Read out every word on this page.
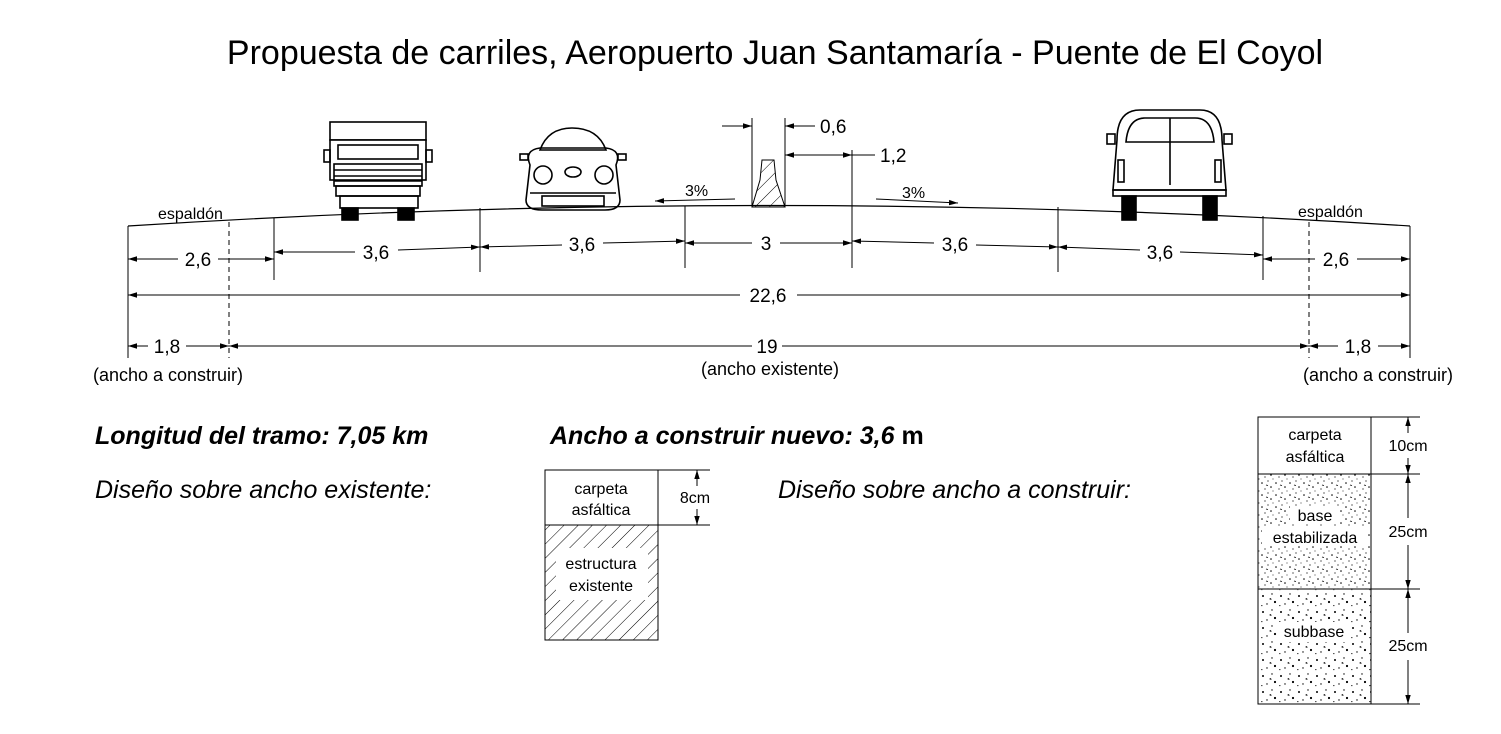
Propuesta de carriles, Aeropuerto Juan Santamaría - Puente de El Coyol
0,6
1,2
3%	3%
espaldón	espaldón
2,6	3,6	3,6	3	3,6	3,6	2,6
22,6
1,8
(ancho a construir)
19
(ancho existente)
1,8
(ancho a construir)
Longitud del tramo: 7,05 km	Ancho a construir nuevo: 3,6 m
Diseño sobre ancho existente:	carpeta
asfáltica
estructura
existente
8cm	Diseño sobre ancho a construir:
carpeta
asfáltica
base
estabilizada
subbase
10cm
25cm
25cm
